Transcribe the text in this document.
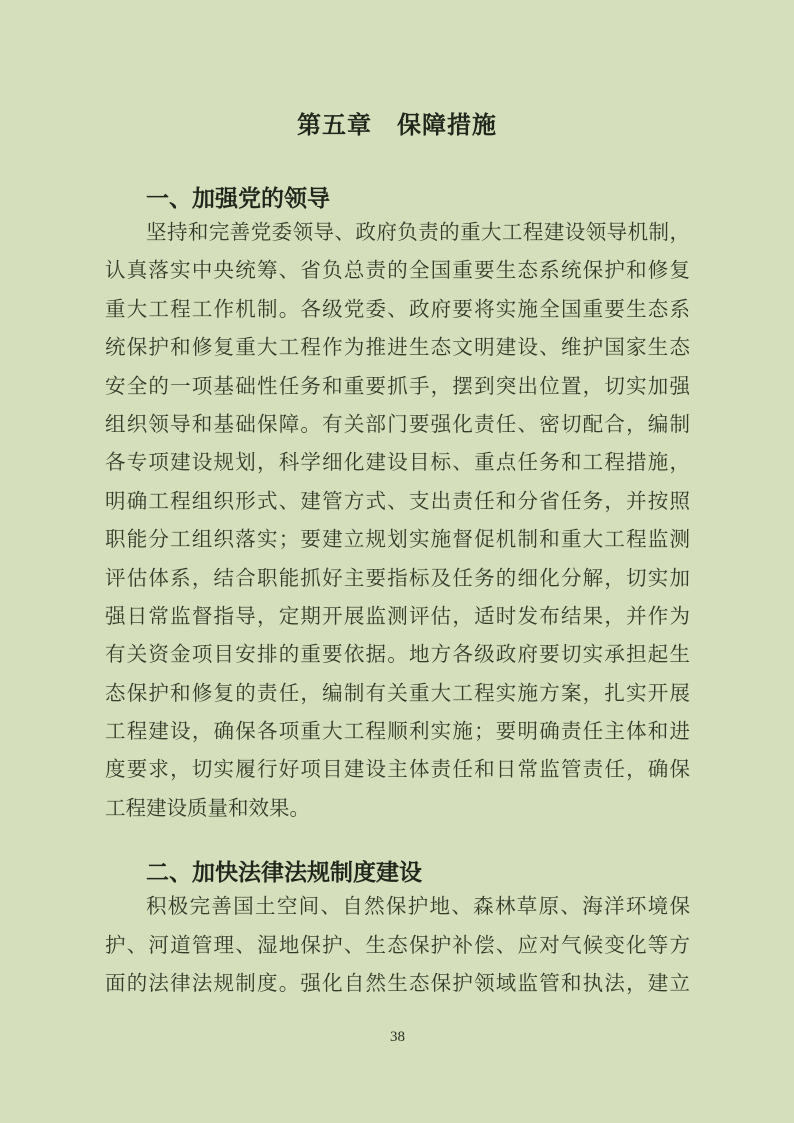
第五章　保障措施
一、加强党的领导
坚持和完善党委领导、政府负责的重大工程建设领导机制，
认真落实中央统筹、省负总责的全国重要生态系统保护和修复
重大工程工作机制。各级党委、政府要将实施全国重要生态系
统保护和修复重大工程作为推进生态文明建设、维护国家生态
安全的一项基础性任务和重要抓手，摆到突出位置，切实加强
组织领导和基础保障。有关部门要强化责任、密切配合，编制
各专项建设规划，科学细化建设目标、重点任务和工程措施，
明确工程组织形式、建管方式、支出责任和分省任务，并按照
职能分工组织落实；要建立规划实施督促机制和重大工程监测
评估体系，结合职能抓好主要指标及任务的细化分解，切实加
强日常监督指导，定期开展监测评估，适时发布结果，并作为
有关资金项目安排的重要依据。地方各级政府要切实承担起生
态保护和修复的责任，编制有关重大工程实施方案，扎实开展
工程建设，确保各项重大工程顺利实施；要明确责任主体和进
度要求，切实履行好项目建设主体责任和日常监管责任，确保
工程建设质量和效果。
二、加快法律法规制度建设
积极完善国土空间、自然保护地、森林草原、海洋环境保
护、河道管理、湿地保护、生态保护补偿、应对气候变化等方
面的法律法规制度。强化自然生态保护领域监管和执法，建立
38
